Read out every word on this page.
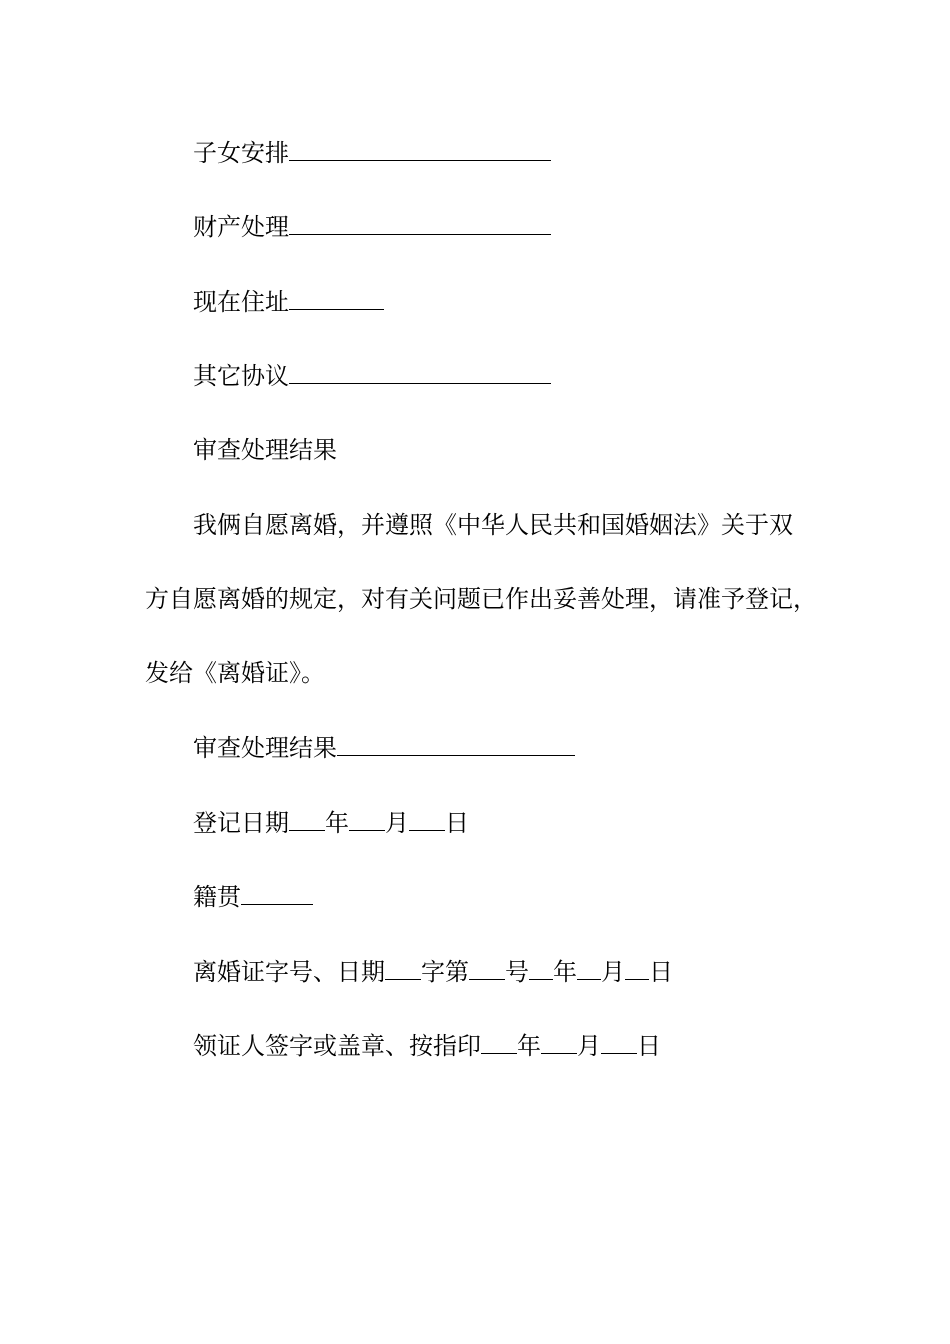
子女安排
财产处理
现在住址
其它协议
审查处理结果
我俩自愿离婚，并遵照《中华人民共和国婚姻法》关于双
方自愿离婚的规定，对有关问题已作出妥善处理，请准予登记，
发给《离婚证》。
审查处理结果
登记日期 年 月 日
籍贯
离婚证字号、日期 字第 号 年 月 日
领证人签字或盖章、按指印 年 月 日
